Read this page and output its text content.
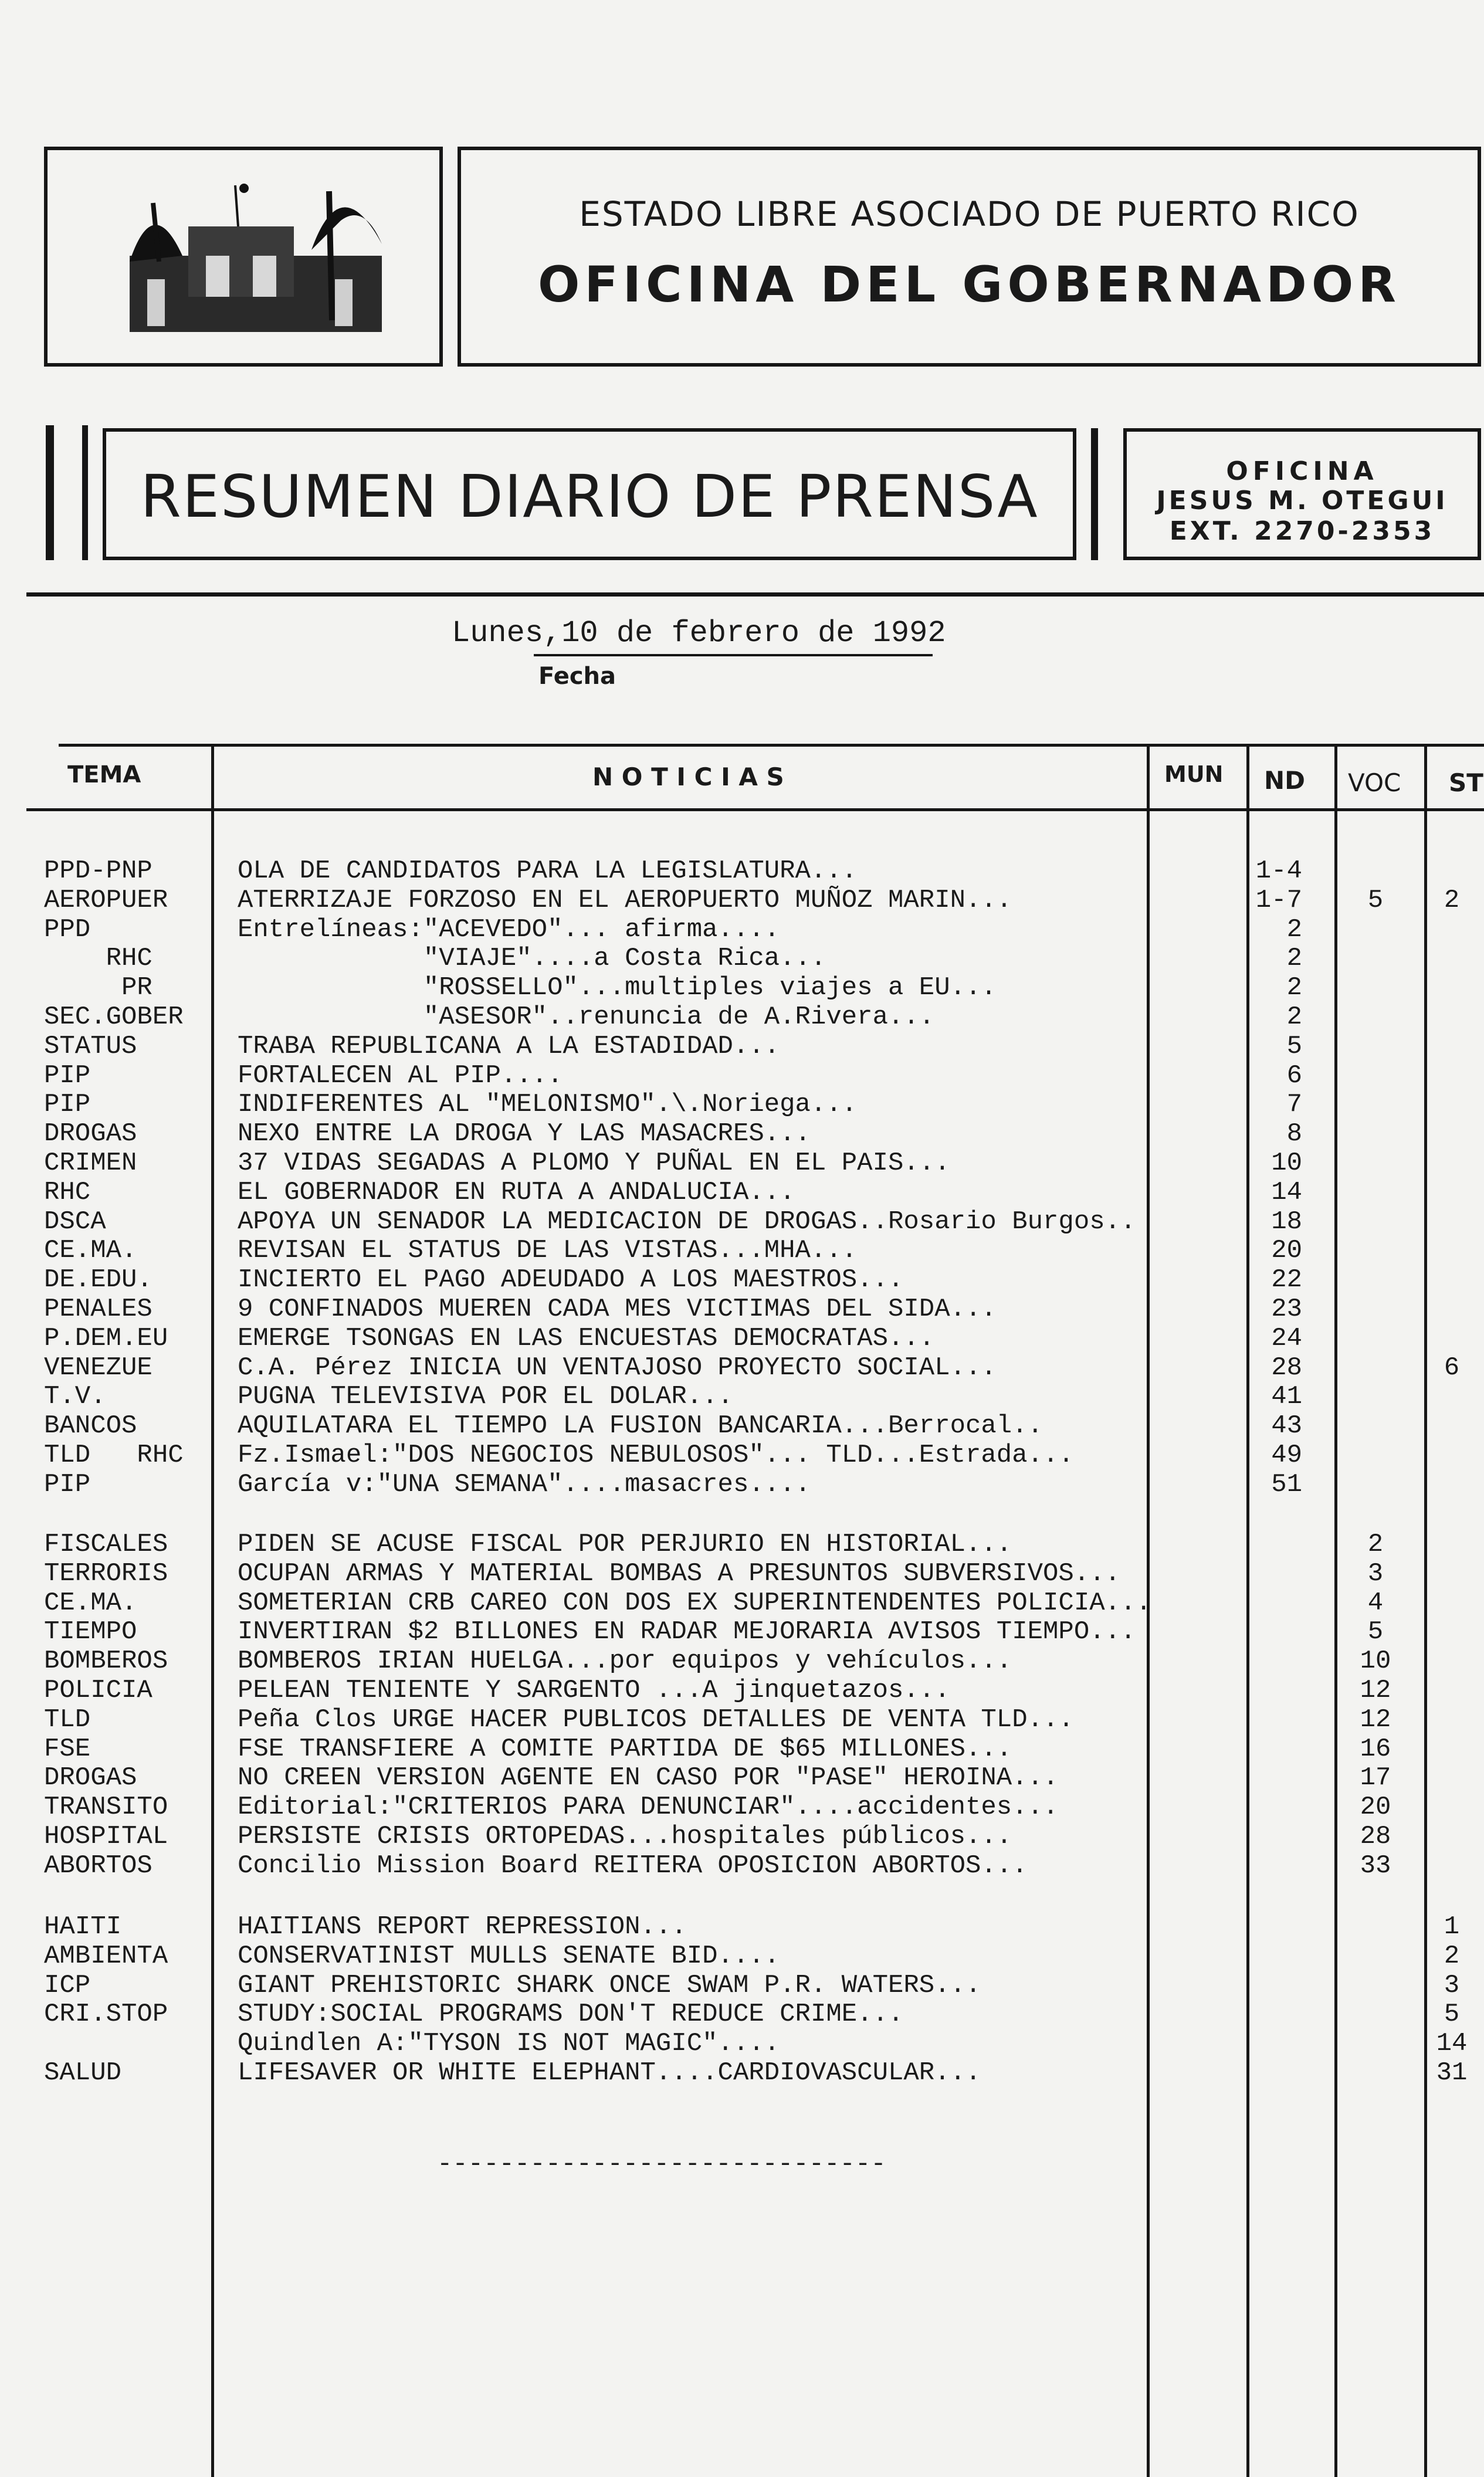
ESTADO LIBRE ASOCIADO DE PUERTO RICO
OFICINA DEL GOBERNADOR
RESUMEN DIARIO DE PRENSA	OFICINA
JESUS M. OTEGUI
EXT. 2270-2353
Lunes,10 de febrero de 1992
Fecha
TEMA	N O T I C I A S	MUN ND VOC ST
PPD-PNP	OLA DE CANDIDATOS PARA LA LEGISLATURA...	1-4
AEROPUER	ATERRIZAJE FORZOSO EN EL AEROPUERTO MUÑOZ MARIN...	1-7	5	2
PPD	Entrelíneas:"ACEVEDO"... afirma....	2
RHC	"VIAJE"....a Costa Rica...	2
PR	"ROSSELLO"...multiples viajes a EU...	2
SEC.GOBER "ASESOR"..renuncia de A.Rivera...	2
STATUS	TRABA REPUBLICANA A LA ESTADIDAD...	5
PIP	FORTALECEN AL PIP....	6
PIP	INDIFERENTES AL "MELONISMO".\.Noriega...	7
DROGAS	NEXO ENTRE LA DROGA Y LAS MASACRES...	8
CRIMEN	37 VIDAS SEGADAS A PLOMO Y PUÑAL EN EL PAIS...	10
RHC	EL GOBERNADOR EN RUTA A ANDALUCIA...	14
DSCA	APOYA UN SENADOR LA MEDICACION DE DROGAS..Rosario Burgos..	18
CE.MA.	REVISAN EL STATUS DE LAS VISTAS...MHA...	20
DE.EDU.	INCIERTO EL PAGO ADEUDADO A LOS MAESTROS...	22
PENALES	9 CONFINADOS MUEREN CADA MES VICTIMAS DEL SIDA...	23
P.DEM.EU	EMERGE TSONGAS EN LAS ENCUESTAS DEMOCRATAS...	24
VENEZUE	C.A. Pérez INICIA UN VENTAJOSO PROYECTO SOCIAL...	28	6
T.V.	PUGNA TELEVISIVA POR EL DOLAR...	41
BANCOS	AQUILATARA EL TIEMPO LA FUSION BANCARIA...Berrocal..	43
TLD   RHC Fz.Ismael:"DOS NEGOCIOS NEBULOSOS"... TLD...Estrada...	49
PIP	García v:"UNA SEMANA"....masacres....	51
FISCALES	PIDEN SE ACUSE FISCAL POR PERJURIO EN HISTORIAL...	2
TERRORIS	OCUPAN ARMAS Y MATERIAL BOMBAS A PRESUNTOS SUBVERSIVOS...	3
CE.MA.	SOMETERIAN CRB CAREO CON DOS EX SUPERINTENDENTES POLICIA...	4
TIEMPO	INVERTIRAN $2 BILLONES EN RADAR MEJORARIA AVISOS TIEMPO...	5
BOMBEROS	BOMBEROS IRIAN HUELGA...por equipos y vehículos...	10
POLICIA	PELEAN TENIENTE Y SARGENTO ...A jinquetazos...	12
TLD	Peña Clos URGE HACER PUBLICOS DETALLES DE VENTA TLD...	12
FSE	FSE TRANSFIERE A COMITE PARTIDA DE $65 MILLONES...	16
DROGAS	NO CREEN VERSION AGENTE EN CASO POR "PASE" HEROINA...	17
TRANSITO	Editorial:"CRITERIOS PARA DENUNCIAR"....accidentes...	20
HOSPITAL	PERSISTE CRISIS ORTOPEDAS...hospitales públicos...	28
ABORTOS	Concilio Mission Board REITERA OPOSICION ABORTOS...	33
HAITI	HAITIANS REPORT REPRESSION...	1
AMBIENTA	CONSERVATINIST MULLS SENATE BID....	2
ICP	GIANT PREHISTORIC SHARK ONCE SWAM P.R. WATERS...	3
CRI.STOP	STUDY:SOCIAL PROGRAMS DON'T REDUCE CRIME...	5
Quindlen A:"TYSON IS NOT MAGIC"....	14
SALUD	LIFESAVER OR WHITE ELEPHANT....CARDIOVASCULAR...	31
-----------------------------
